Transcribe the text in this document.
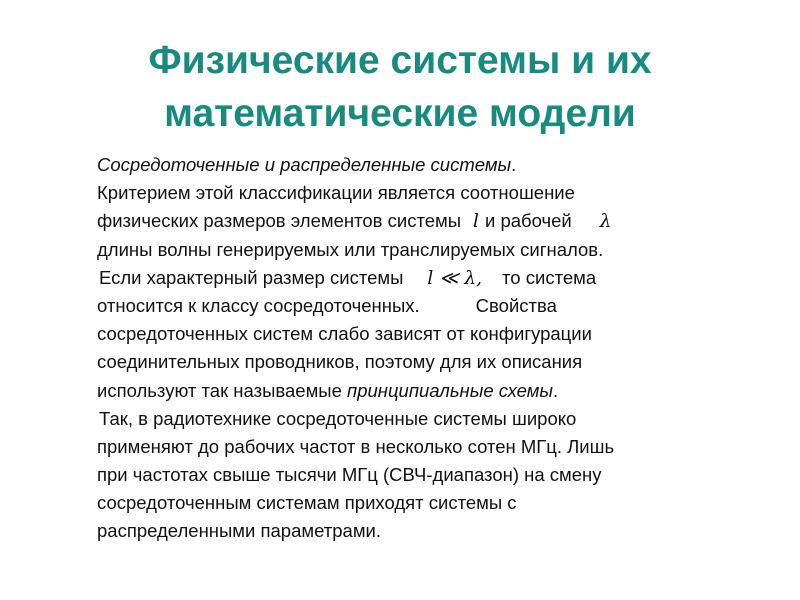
Физические системы и их
математические модели
Сосредоточенные и распределенные системы.
Критерием этой классификации является соотношение
физических размеров элементов системы l и рабочей λ
длины волны генерируемых или транслируемых сигналов.
Если характерный размер системы l ≪ λ, то система
относится к классу сосредоточенных.	Свойства
сосредоточенных систем слабо зависят от конфигурации
соединительных проводников, поэтому для их описания
используют так называемые принципиальные схемы.
Так, в радиотехнике сосредоточенные системы широко
применяют до рабочих частот в несколько сотен МГц. Лишь
при частотах свыше тысячи МГц (СВЧ-диапазон) на смену
сосредоточенным системам приходят системы с
распределенными параметрами.
